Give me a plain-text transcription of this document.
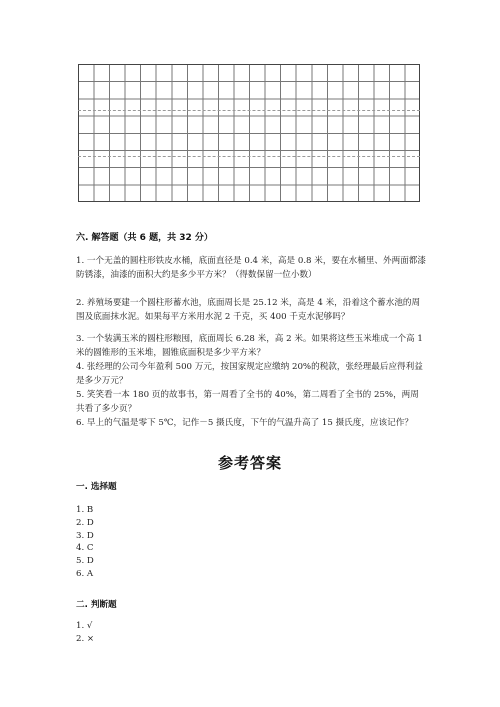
六. 解答题（共 6 题，共 32 分）
1. 一个无盖的圆柱形铁皮水桶，底面直径是 0.4 米，高是 0.8 米，要在水桶里、外两面都漆防锈漆，油漆的面积大约是多少平方米？（得数保留一位小数）
2. 养殖场要建一个圆柱形蓄水池，底面周长是 25.12 米，高是 4 米，沿着这个蓄水池的周围及底面抹水泥。如果每平方米用水泥 2 千克，买 400 千克水泥够吗？
3. 一个装满玉米的圆柱形粮囤，底面周长 6.28 米，高 2 米。如果将这些玉米堆成一个高 1 米的圆锥形的玉米堆，圆锥底面积是多少平方米？
4. 张经理的公司今年盈利 500 万元，按国家规定应缴纳 20%的税款，张经理最后应得利益是多少万元？
5. 笑笑看一本 180 页的故事书，第一周看了全书的 40%，第二周看了全书的 25%，两周共看了多少页？
6. 早上的气温是零下 5℃，记作－5 摄氏度，下午的气温升高了 15 摄氏度，应该记作？
参考答案
一. 选择题
1. B
2. D
3. D
4. C
5. D
6. A
二. 判断题
1. √
2. ×
